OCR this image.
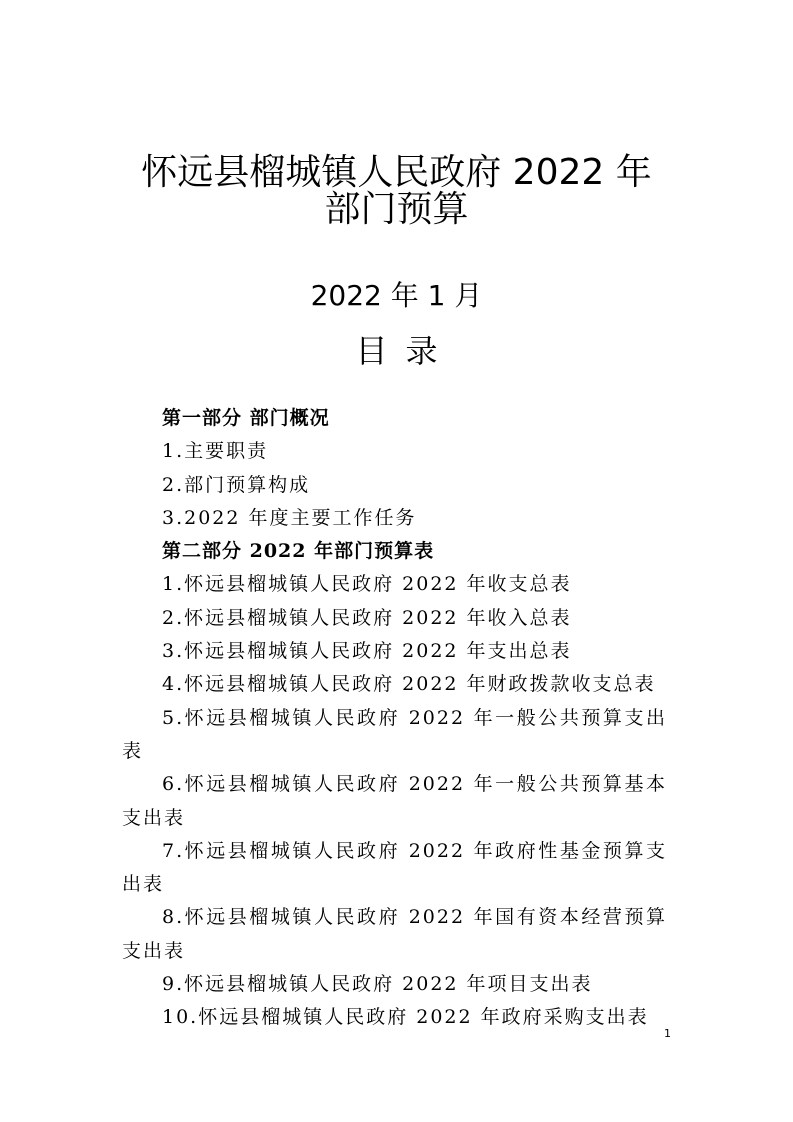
怀远县榴城镇人民政府 2022 年
部门预算
2022 年 1 月
目录
第一部分 部门概况
1.主要职责
2.部门预算构成
3.2022 年度主要工作任务
第二部分 2022 年部门预算表
1.怀远县榴城镇人民政府 2022 年收支总表
2.怀远县榴城镇人民政府 2022 年收入总表
3.怀远县榴城镇人民政府 2022 年支出总表
4.怀远县榴城镇人民政府 2022 年财政拨款收支总表
5.怀远县榴城镇人民政府 2022 年一般公共预算支出表
6.怀远县榴城镇人民政府 2022 年一般公共预算基本支出表
7.怀远县榴城镇人民政府 2022 年政府性基金预算支出表
8.怀远县榴城镇人民政府 2022 年国有资本经营预算支出表
9.怀远县榴城镇人民政府 2022 年项目支出表
10.怀远县榴城镇人民政府 2022 年政府采购支出表
1
